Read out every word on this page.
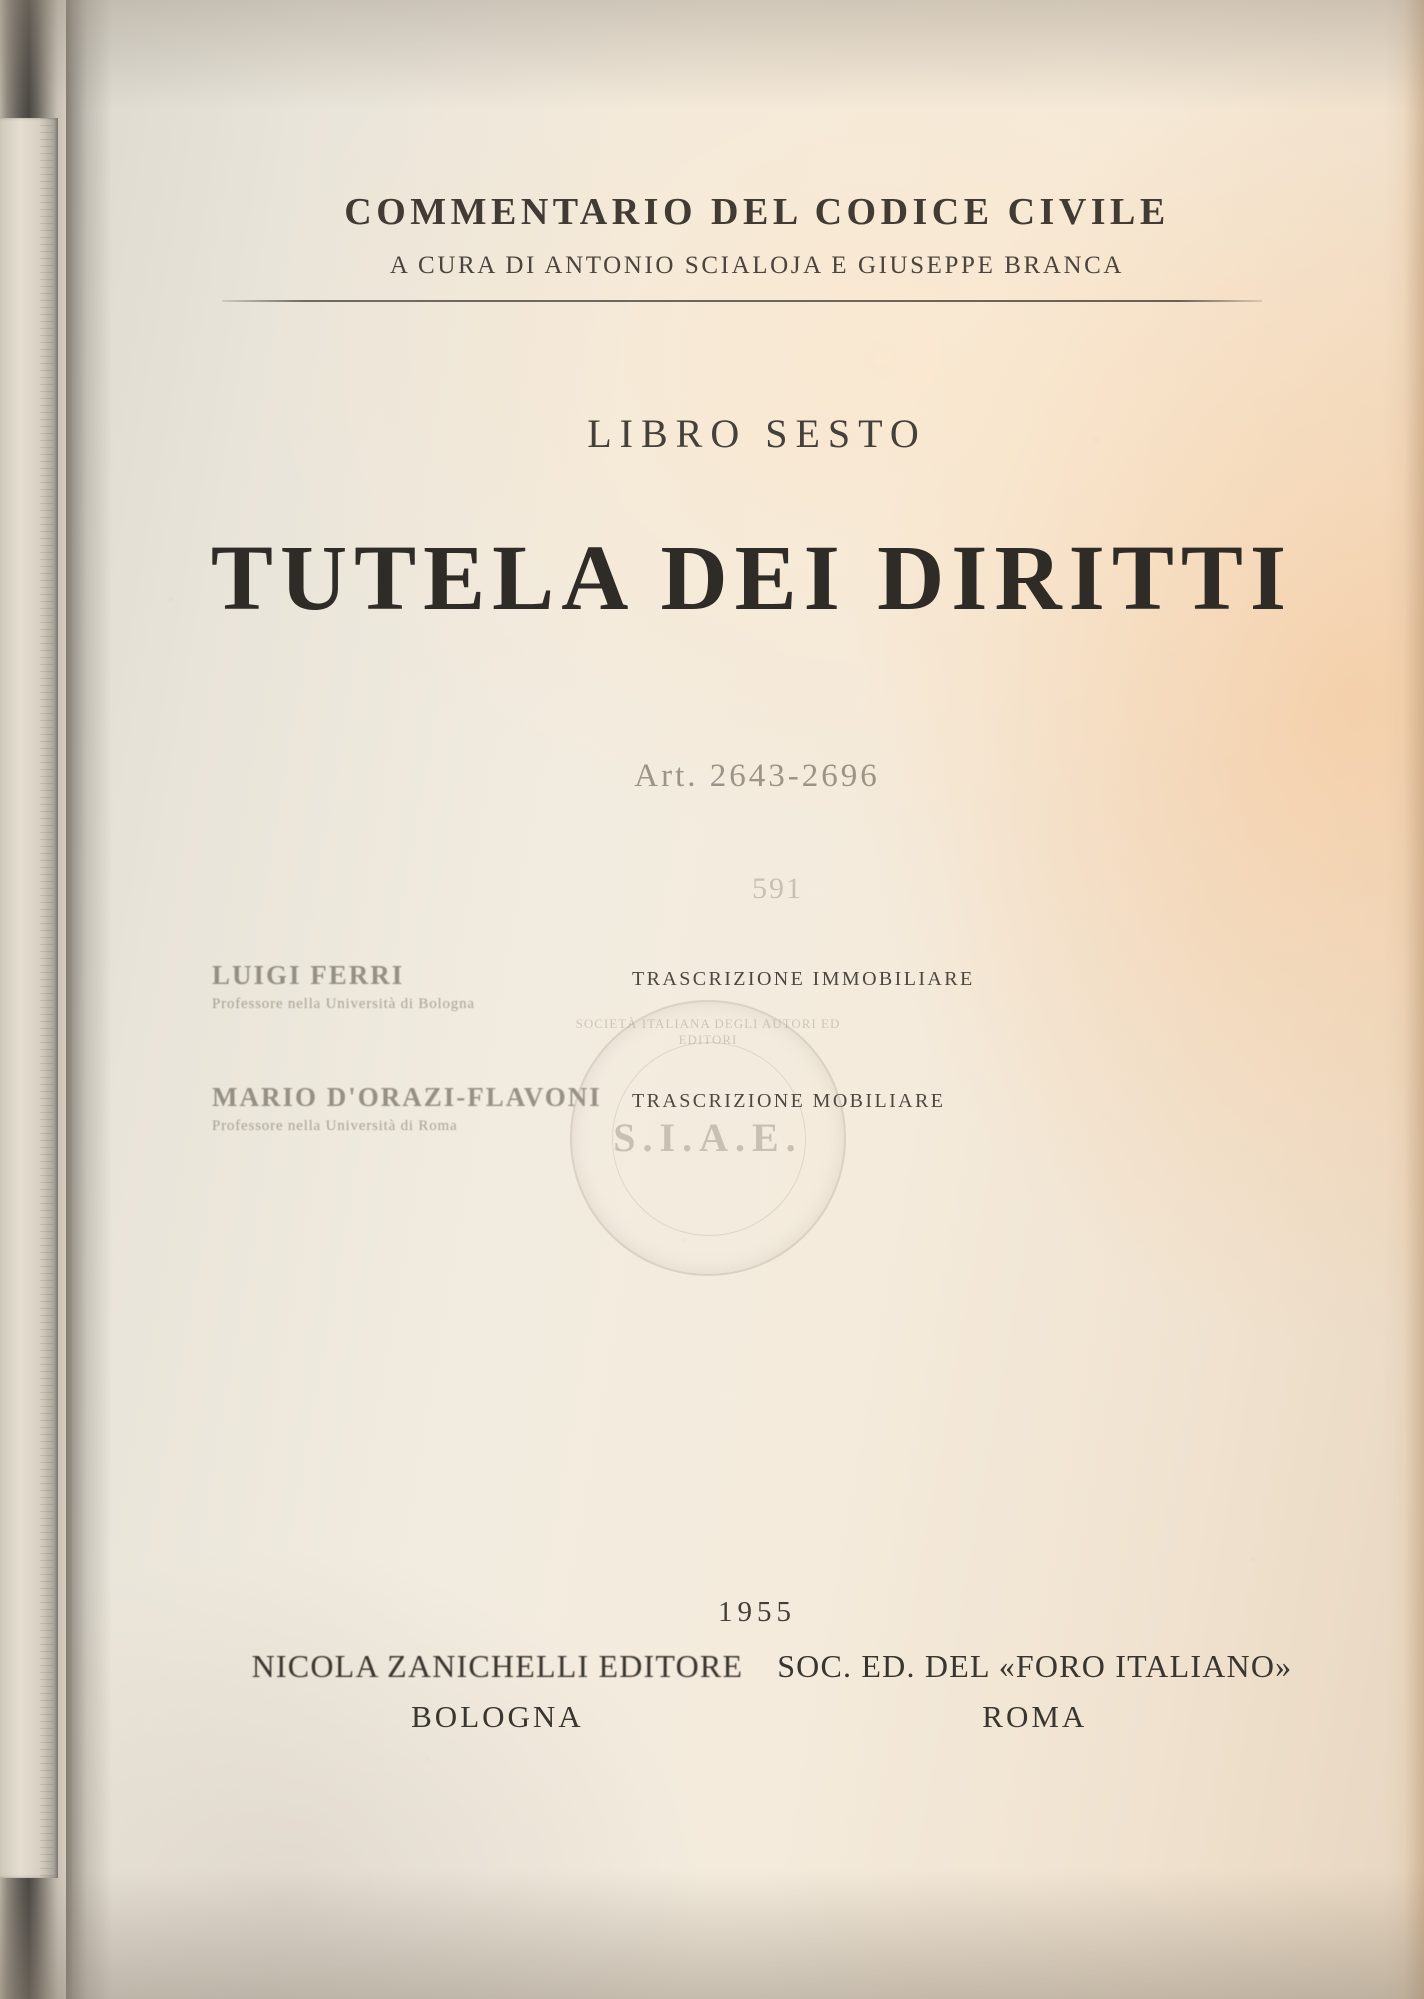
COMMENTARIO DEL CODICE CIVILE
A CURA DI ANTONIO SCIALOJA E GIUSEPPE BRANCA
LIBRO SESTO
TUTELA DEI DIRITTI
Art. 2643-2696
591
LUIGI FERRI
Professore nella Università di Bologna
TRASCRIZIONE IMMOBILIARE
MARIO D'ORAZI-FLAVONI
Professore nella Università di Roma
TRASCRIZIONE MOBILIARE
SOCIETÀ ITALIANA DEGLI AUTORI ED EDITORI
S.I.A.E.
1955
NICOLA ZANICHELLI EDITORE
BOLOGNA
SOC. ED. DEL «FORO ITALIANO»
ROMA
